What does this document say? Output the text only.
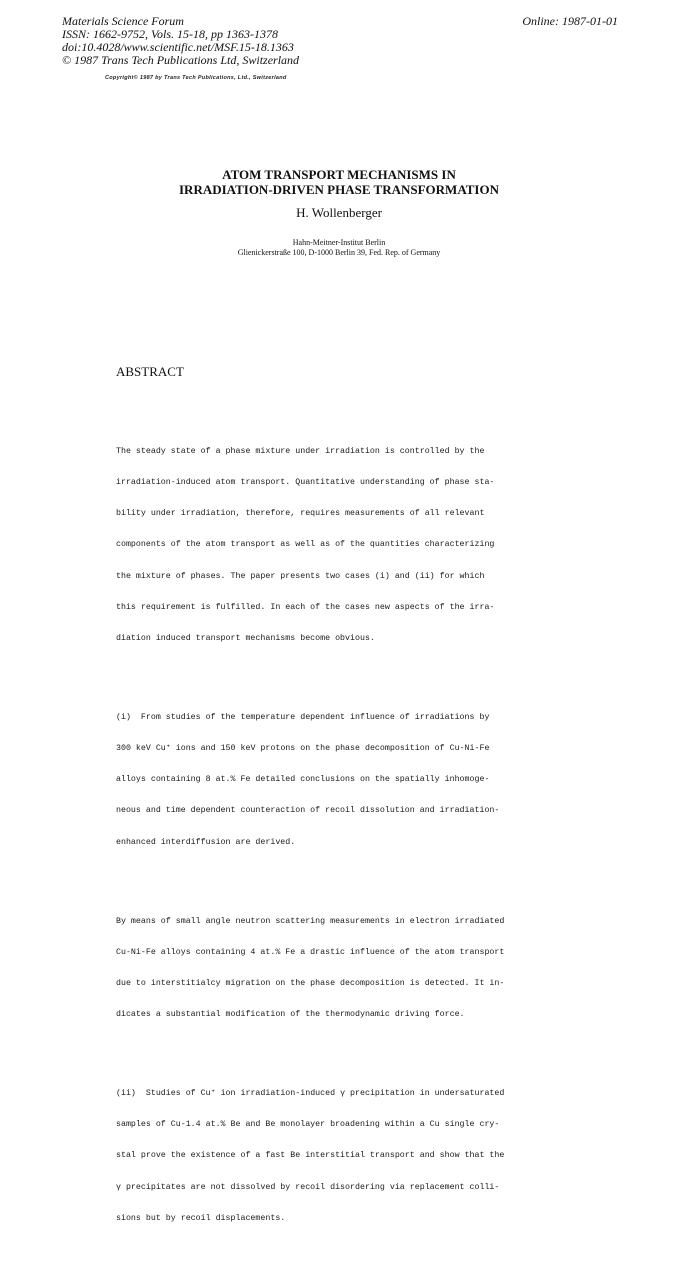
Materials Science Forum
ISSN: 1662-9752, Vols. 15-18, pp 1363-1378
doi:10.4028/www.scientific.net/MSF.15-18.1363
© 1987 Trans Tech Publications Ltd, Switzerland
Online: 1987-01-01
Copyright© 1987 by Trans Tech Publications, Ltd., Switzerland
ATOM TRANSPORT MECHANISMS IN
IRRADIATION-DRIVEN PHASE TRANSFORMATION
H. Wollenberger
Hahn-Meitner-Institut Berlin
Glienickerstraße 100, D-1000 Berlin 39, Fed. Rep. of Germany
ABSTRACT

The steady state of a phase mixture under irradiation is controlled by the

irradiation-induced atom transport. Quantitative understanding of phase sta-

bility under irradiation, therefore, requires measurements of all relevant

components of the atom transport as well as of the quantities characterizing

the mixture of phases. The paper presents two cases (i) and (ii) for which

this requirement is fulfilled. In each of the cases new aspects of the irra-

diation induced transport mechanisms become obvious.

(i)  From studies of the temperature dependent influence of irradiations by

300 keV Cu⁺ ions and 150 keV protons on the phase decomposition of Cu-Ni-Fe

alloys containing 8 at.% Fe detailed conclusions on the spatially inhomoge-

neous and time dependent counteraction of recoil dissolution and irradiation-

enhanced interdiffusion are derived.

By means of small angle neutron scattering measurements in electron irradiated

Cu-Ni-Fe alloys containing 4 at.% Fe a drastic influence of the atom transport

due to interstitialcy migration on the phase decomposition is detected. It in-

dicates a substantial modification of the thermodynamic driving force.

(ii)  Studies of Cu⁺ ion irradiation-induced γ precipitation in undersaturated

samples of Cu-1.4 at.% Be and Be monolayer broadening within a Cu single cry-

stal prove the existence of a fast Be interstitial transport and show that the

γ precipitates are not dissolved by recoil disordering via replacement colli-

sions but by recoil displacements.
